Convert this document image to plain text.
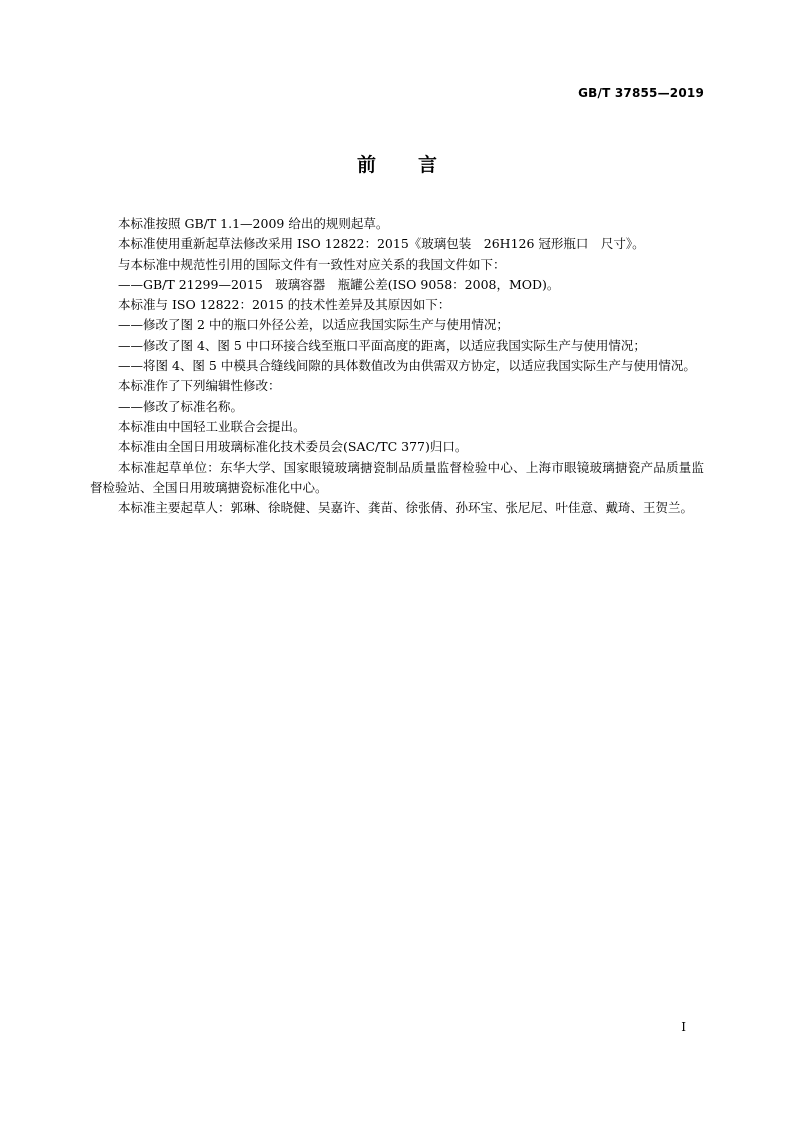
GB/T 37855—2019
前言

本标准按照 GB/T 1.1—2009 给出的规则起草。

本标准使用重新起草法修改采用 ISO 12822：2015《玻璃包装　26H126 冠形瓶口　尺寸》。

与本标准中规范性引用的国际文件有一致性对应关系的我国文件如下：

——GB/T 21299—2015　玻璃容器　瓶罐公差(ISO 9058：2008，MOD)。

本标准与 ISO 12822：2015 的技术性差异及其原因如下：

——修改了图 2 中的瓶口外径公差，以适应我国实际生产与使用情况；

——修改了图 4、图 5 中口环接合线至瓶口平面高度的距离，以适应我国实际生产与使用情况；

——将图 4、图 5 中模具合缝线间隙的具体数值改为由供需双方协定，以适应我国实际生产与使用情况。

本标准作了下列编辑性修改：

——修改了标准名称。

本标准由中国轻工业联合会提出。

本标准由全国日用玻璃标准化技术委员会(SAC/TC 377)归口。

本标准起草单位：东华大学、国家眼镜玻璃搪瓷制品质量监督检验中心、上海市眼镜玻璃搪瓷产品质量监督检验站、全国日用玻璃搪瓷标准化中心。

本标准主要起草人：郭琳、徐晓健、吴嘉许、龚苗、徐张倩、孙环宝、张尼尼、叶佳意、戴琦、王贺兰。

I
